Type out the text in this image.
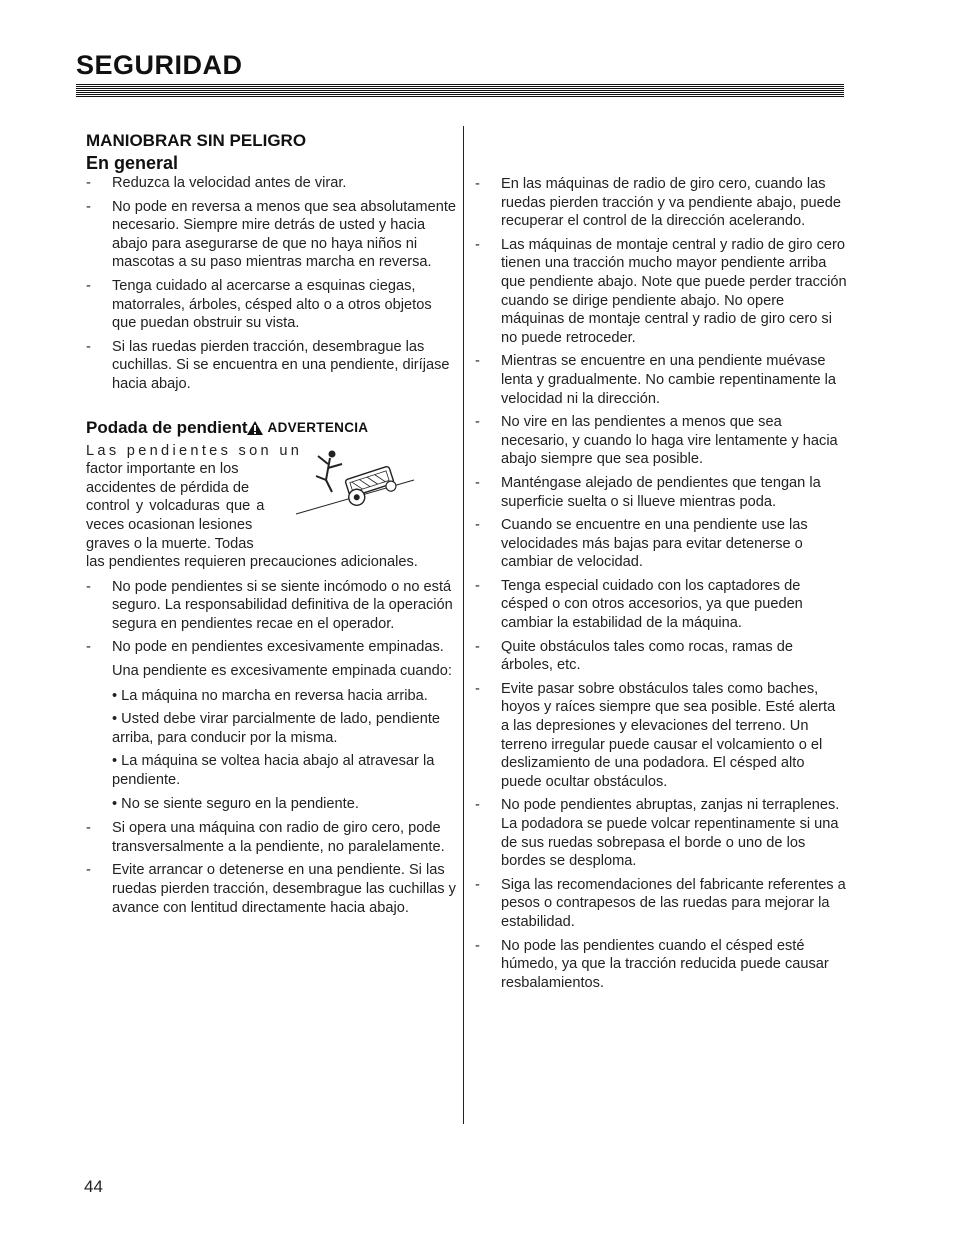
SEGURIDAD
MANIOBRAR SIN PELIGRO
En general
- Reduzca la velocidad antes de virar.
- No pode en reversa a menos que sea absolutamente necesario. Siempre mire detrás de usted y hacia abajo para asegurarse de que no haya niños ni mascotas a su paso mientras marcha en reversa.
- Tenga cuidado al acercarse a esquinas ciegas, matorrales, árboles, césped alto o a otros objetos que puedan obstruir su vista.
- Si las ruedas pierden tracción, desembrague las cuchillas. Si se encuentra en una pendiente, diríjase hacia abajo.
Podada de pendient ADVERTENCIA
Las pendientes son un
factor importante en los
accidentes de pérdida de
control y volcaduras que a
veces ocasionan lesiones
graves o la muerte. Todas
las pendientes requieren precauciones adicionales.
- No pode pendientes si se siente incómodo o no está seguro. La responsabilidad definitiva de la operación segura en pendientes recae en el operador.
- No pode en pendientes excesivamente empinadas.

Una pendiente es excesivamente empinada cuando:

• La máquina no marcha en reversa hacia arriba.
• Usted debe virar parcialmente de lado, pendiente arriba, para conducir por la misma.
• La máquina se voltea hacia abajo al atravesar la pendiente.
• No se siente seguro en la pendiente.
- Si opera una máquina con radio de giro cero, pode transversalmente a la pendiente, no paralelamente.
- Evite arrancar o detenerse en una pendiente. Si las ruedas pierden tracción, desembrague las cuchillas y avance con lentitud directamente hacia abajo.
- En las máquinas de radio de giro cero, cuando las ruedas pierden tracción y va pendiente abajo, puede recuperar el control de la dirección acelerando.
- Las máquinas de montaje central y radio de giro cero tienen una tracción mucho mayor pendiente arriba que pendiente abajo. Note que puede perder tracción cuando se dirige pendiente abajo. No opere máquinas de montaje central y radio de giro cero si no puede retroceder.
- Mientras se encuentre en una pendiente muévase lenta y gradualmente. No cambie repentinamente la velocidad ni la dirección.
- No vire en las pendientes a menos que sea necesario, y cuando lo haga vire lentamente y hacia abajo siempre que sea posible.
- Manténgase alejado de pendientes que tengan la superficie suelta o si llueve mientras poda.
- Cuando se encuentre en una pendiente use las velocidades más bajas para evitar detenerse o cambiar de velocidad.
- Tenga especial cuidado con los captadores de césped o con otros accesorios, ya que pueden cambiar la estabilidad de la máquina.
- Quite obstáculos tales como rocas, ramas de árboles, etc.
- Evite pasar sobre obstáculos tales como baches, hoyos y raíces siempre que sea posible. Esté alerta a las depresiones y elevaciones del terreno. Un terreno irregular puede causar el volcamiento o el deslizamiento de una podadora. El césped alto puede ocultar obstáculos.
- No pode pendientes abruptas, zanjas ni terraplenes. La podadora se puede volcar repentinamente si una de sus ruedas sobrepasa el borde o uno de los bordes se desploma.
- Siga las recomendaciones del fabricante referentes a pesos o contrapesos de las ruedas para mejorar la estabilidad.
- No pode las pendientes cuando el césped esté húmedo, ya que la tracción reducida puede causar resbalamientos.
44
